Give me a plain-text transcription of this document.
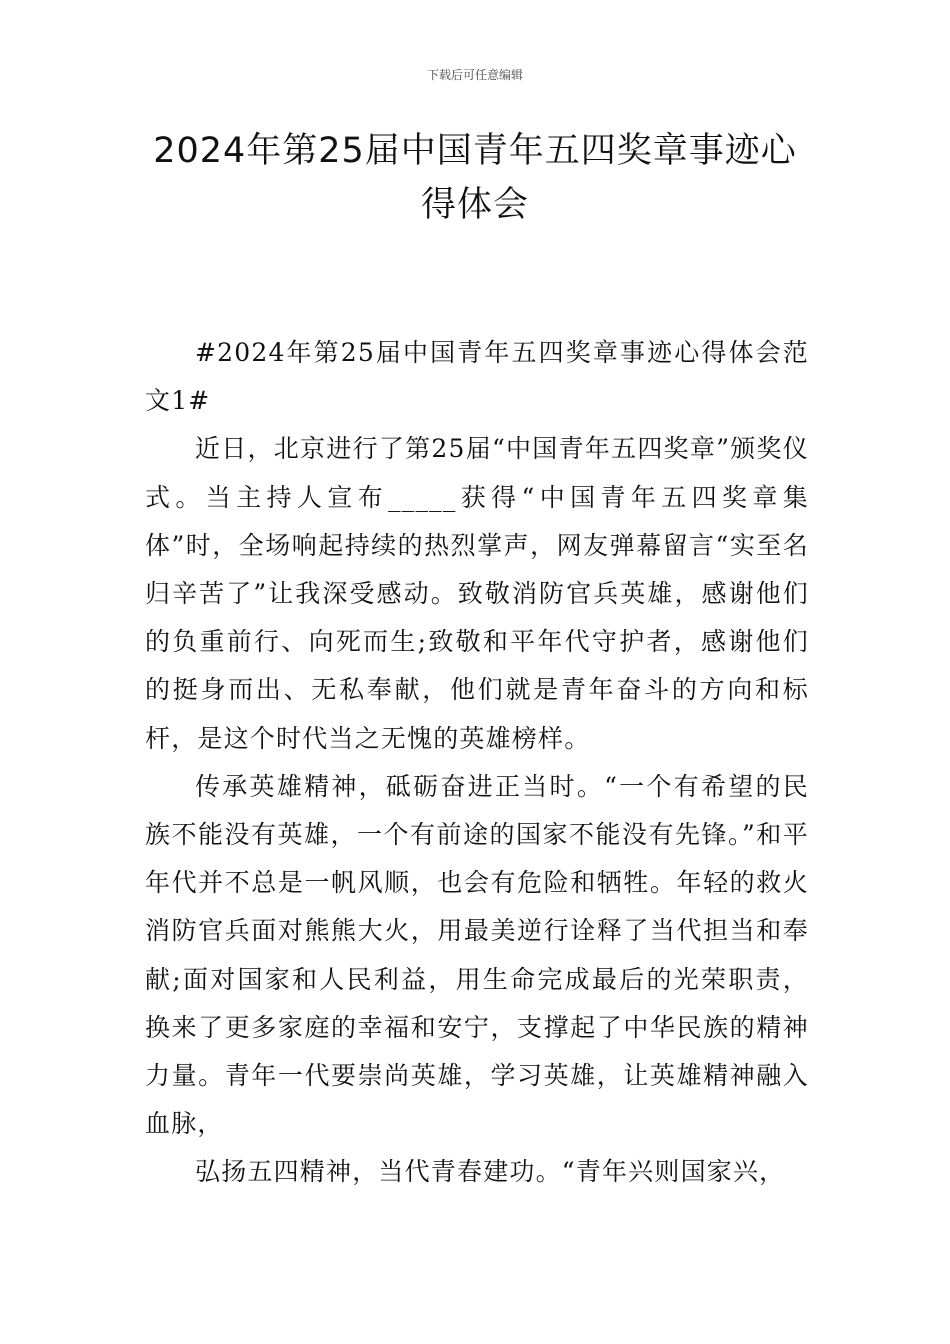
下载后可任意编辑
2024年第25届中国青年五四奖章事迹心得体会

#2024年第25届中国青年五四奖章事迹心得体会范文1#

近日，北京进行了第25届“中国青年五四奖章”颁奖仪式。当主持人宣布_____获得“中国青年五四奖章集体”时，全场响起持续的热烈掌声，网友弹幕留言“实至名归辛苦了”让我深受感动。致敬消防官兵英雄，感谢他们的负重前行、向死而生;致敬和平年代守护者，感谢他们的挺身而出、无私奉献，他们就是青年奋斗的方向和标杆，是这个时代当之无愧的英雄榜样。

传承英雄精神，砥砺奋进正当时。“一个有希望的民族不能没有英雄，一个有前途的国家不能没有先锋。”和平年代并不总是一帆风顺，也会有危险和牺牲。年轻的救火消防官兵面对熊熊大火，用最美逆行诠释了当代担当和奉献;面对国家和人民利益，用生命完成最后的光荣职责，换来了更多家庭的幸福和安宁，支撑起了中华民族的精神力量。青年一代要崇尚英雄，学习英雄，让英雄精神融入血脉，

弘扬五四精神，当代青春建功。“青年兴则国家兴，
